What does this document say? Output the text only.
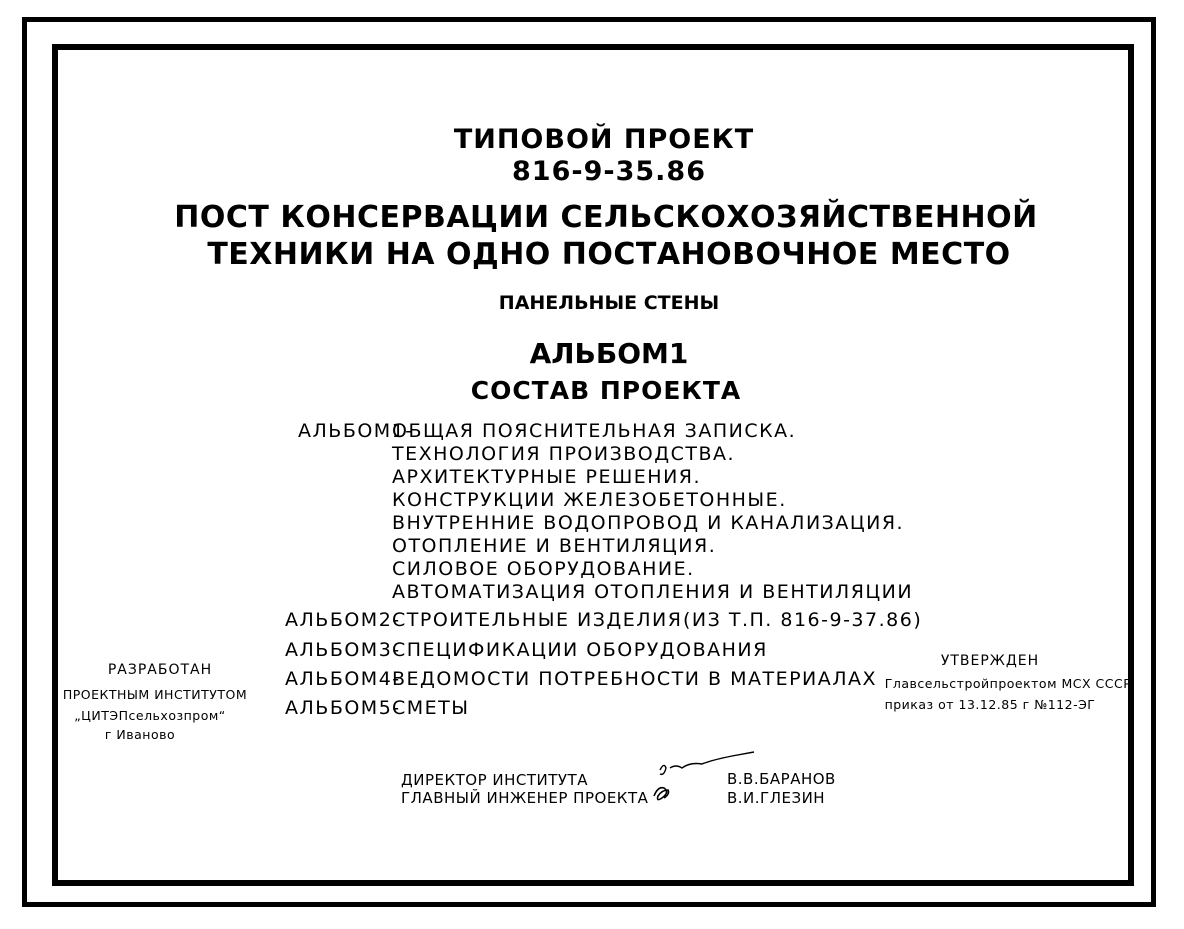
ТИПОВОЙ ПРОЕКТ
816-9-35.86
ПОСТ КОНСЕРВАЦИИ СЕЛЬСКОХОЗЯЙСТВЕННОЙ
ТЕХНИКИ НА ОДНО ПОСТАНОВОЧНОЕ МЕСТО
ПАНЕЛЬНЫЕ СТЕНЫ
АЛЬБОМ1
СОСТАВ ПРОЕКТА
АЛЬБОМ1-
ОБЩАЯ ПОЯСНИТЕЛЬНАЯ ЗАПИСКА.
ТЕХНОЛОГИЯ ПРОИЗВОДСТВА.
АРХИТЕКТУРНЫЕ РЕШЕНИЯ.
КОНСТРУКЦИИ ЖЕЛЕЗОБЕТОННЫЕ.
ВНУТРЕННИЕ ВОДОПРОВОД И КАНАЛИЗАЦИЯ.
ОТОПЛЕНИЕ И ВЕНТИЛЯЦИЯ.
СИЛОВОЕ ОБОРУДОВАНИЕ.
АВТОМАТИЗАЦИЯ ОТОПЛЕНИЯ И ВЕНТИЛЯЦИИ
АЛЬБОМ2-
СТРОИТЕЛЬНЫЕ ИЗДЕЛИЯ (ИЗ Т.П. 816-9-37.86)
АЛЬБОМ3-
СПЕЦИФИКАЦИИ ОБОРУДОВАНИЯ
АЛЬБОМ4-
ВЕДОМОСТИ ПОТРЕБНОСТИ В МАТЕРИАЛАХ
АЛЬБОМ5-
СМЕТЫ
РАЗРАБОТАН
ПРОЕКТНЫМ ИНСТИТУТОМ
„ЦИТЭПсельхозпром“
г Иваново
УТВЕРЖДЕН
Главсельстройпроектом МСХ СССР
приказ от 13.12.85 г №112-ЭГ
ДИРЕКТОР ИНСТИТУТА
ГЛАВНЫЙ ИНЖЕНЕР ПРОЕКТА
В.В.БАРАНОВ
В.И.ГЛЕЗИН
